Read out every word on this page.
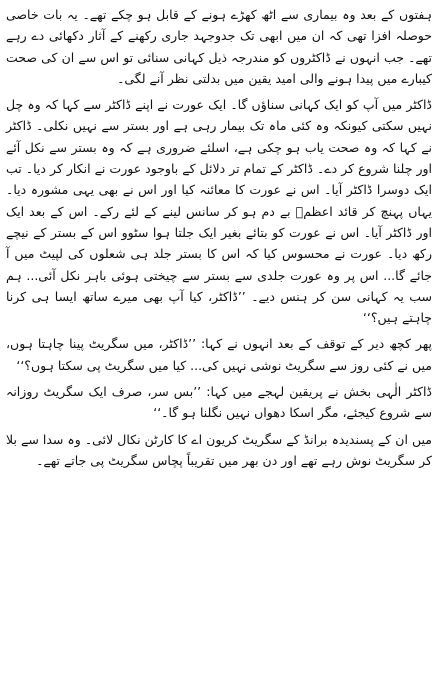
ہفتوں کے بعد وہ بیماری سے اٹھ کھڑے ہونے کے قابل ہو چکے تھے۔ یہ بات خاصی حوصلہ افزا تھی کہ ان میں ابھی تک جدوجہد جاری رکھنے کے آثار دکھائی دے رہے تھے۔ جب انہوں نے ڈاکٹروں کو مندرجہ ذیل کہانی سنائی تو اس سے ان کی صحت کیبارے میں پیدا ہونے والی امید یقین میں بدلتی نظر آنے لگی۔

ڈاکٹر میں آپ کو ایک کہانی سناؤں گا۔ ایک عورت نے اپنے ڈاکٹر سے کہا کہ وہ چل نہیں سکتی کیونکہ وہ کئی ماہ تک بیمار رہی ہے اور بستر سے نہیں نکلی۔ ڈاکٹر نے کہا کہ وہ صحت یاب ہو چکی ہے، اسلئے ضروری ہے کہ وہ بستر سے نکل آئے اور چلنا شروع کر دے۔ ڈاکٹر کے تمام تر دلائل کے باوجود عورت نے انکار کر دیا۔ تب ایک دوسرا ڈاکٹر آیا۔ اس نے عورت کا معائنہ کیا اور اس نے بھی یہی مشورہ دیا۔ یہاں پہنچ کر قائد اعظمؒ بے دم ہو کر سانس لینے کے لئے رکے۔ اس کے بعد ایک اور ڈاکٹر آیا۔ اس نے عورت کو بتائے بغیر ایک جلتا ہوا سٹوو اس کے بستر کے نیچے رکھ دیا۔ عورت نے محسوس کیا کہ اس کا بستر جلد ہی شعلوں کی لپیٹ میں آ جائے گا... اس پر وہ عورت جلدی سے بستر سے چیختی ہوئی باہر نکل آئی... ہم سب یہ کہانی سن کر ہنس دیے۔ ’’ڈاکٹر، کیا آپ بھی میرے ساتھ ایسا ہی کرنا چاہتے ہیں؟‘‘

پھر کچھ دیر کے توقف کے بعد انہوں نے کہا: ’’ڈاکٹر، میں سگریٹ پینا چاہتا ہوں، میں نے کئی روز سے سگریٹ نوشی نہیں کی... کیا میں سگریٹ پی سکتا ہوں؟‘‘

ڈاکٹر الٰہی بخش نے پریقین لہجے میں کہا: ’’بس سر، صرف ایک سگریٹ روزانہ سے شروع کیجئے، مگر اسکا دھواں نہیں نگلنا ہو گا۔‘‘

میں ان کے پسندیدہ برانڈ کے سگریٹ کریون اے کا کارٹن نکال لائی۔ وہ سدا سے بلا کر سگریٹ نوش رہے تھے اور دن بھر میں تقریباً پچاس سگریٹ پی جاتے تھے۔
